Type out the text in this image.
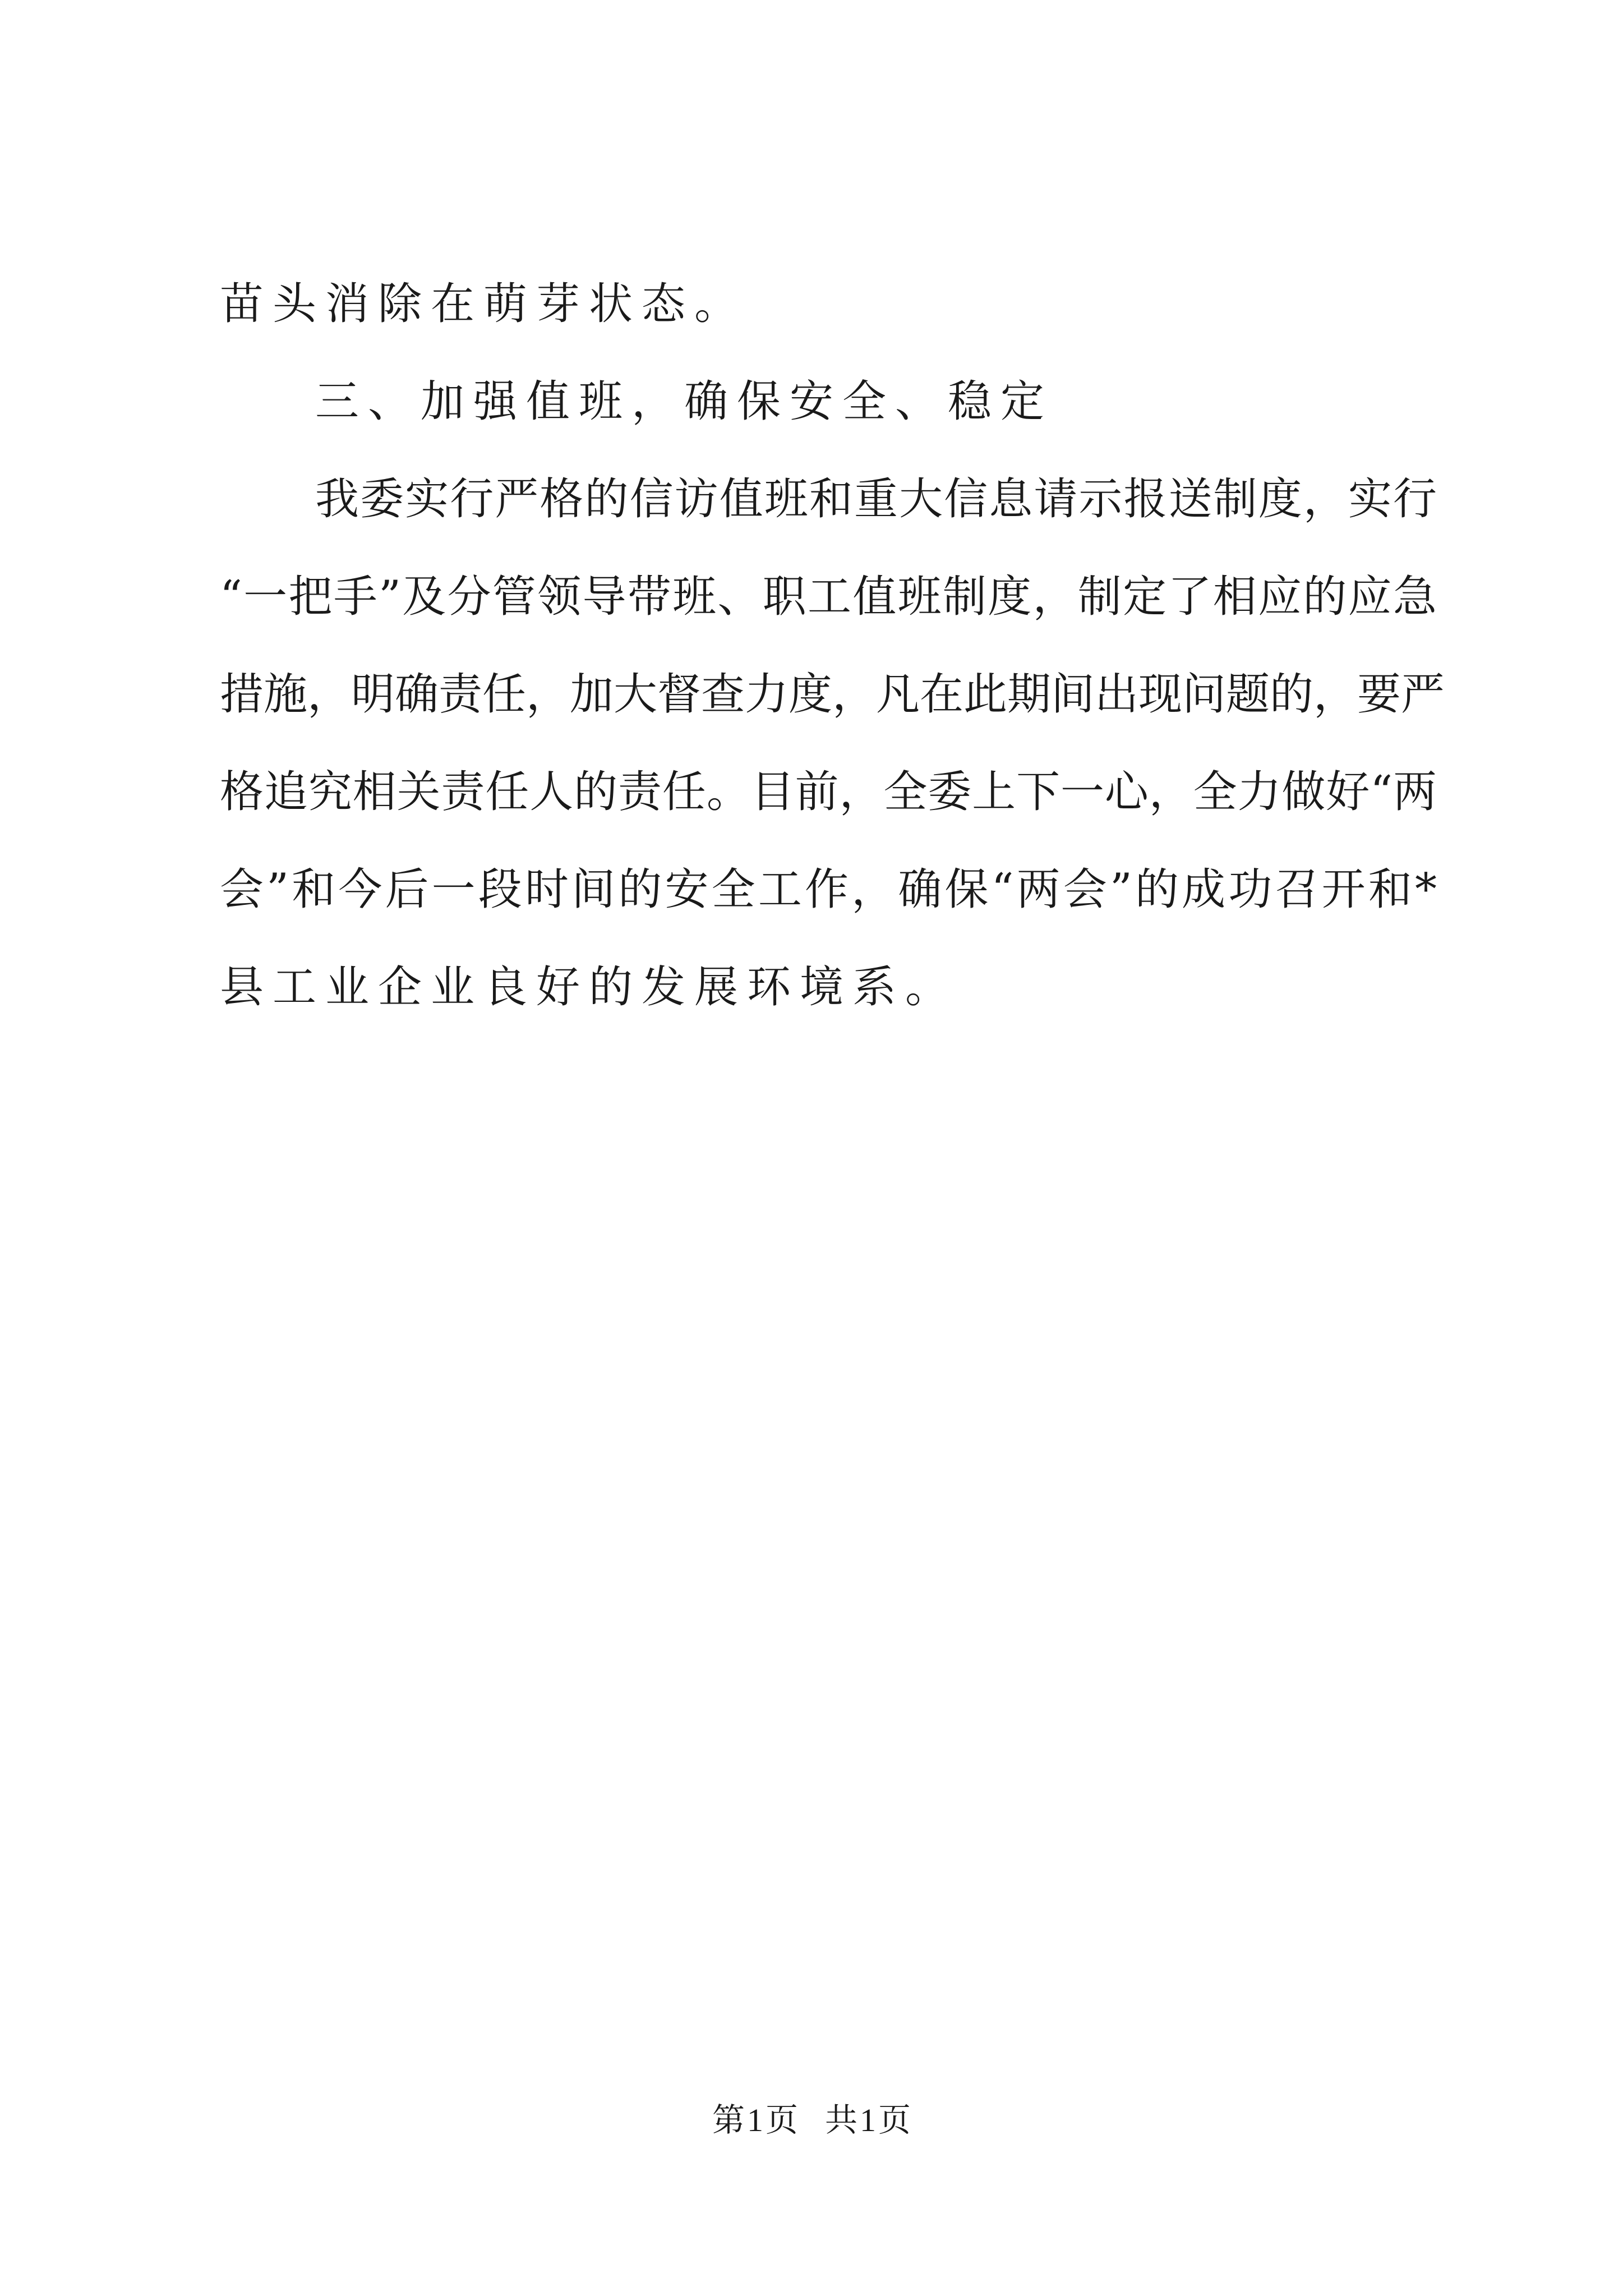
苗头消除在萌芽状态。
三、加强值班，确保安全、稳定
我委实行严格的信访值班和重大信息请示报送制度，实行
“一把手”及分管领导带班、职工值班制度，制定了相应的应急
措施，明确责任，加大督查力度，凡在此期间出现问题的，要严
格追究相关责任人的责任。目前，全委上下一心，全力做好“两
会”和今后一段时间的安全工作，确保“两会”的成功召开和*
县工业企业良好的发展环境系。
第1页 共1页
